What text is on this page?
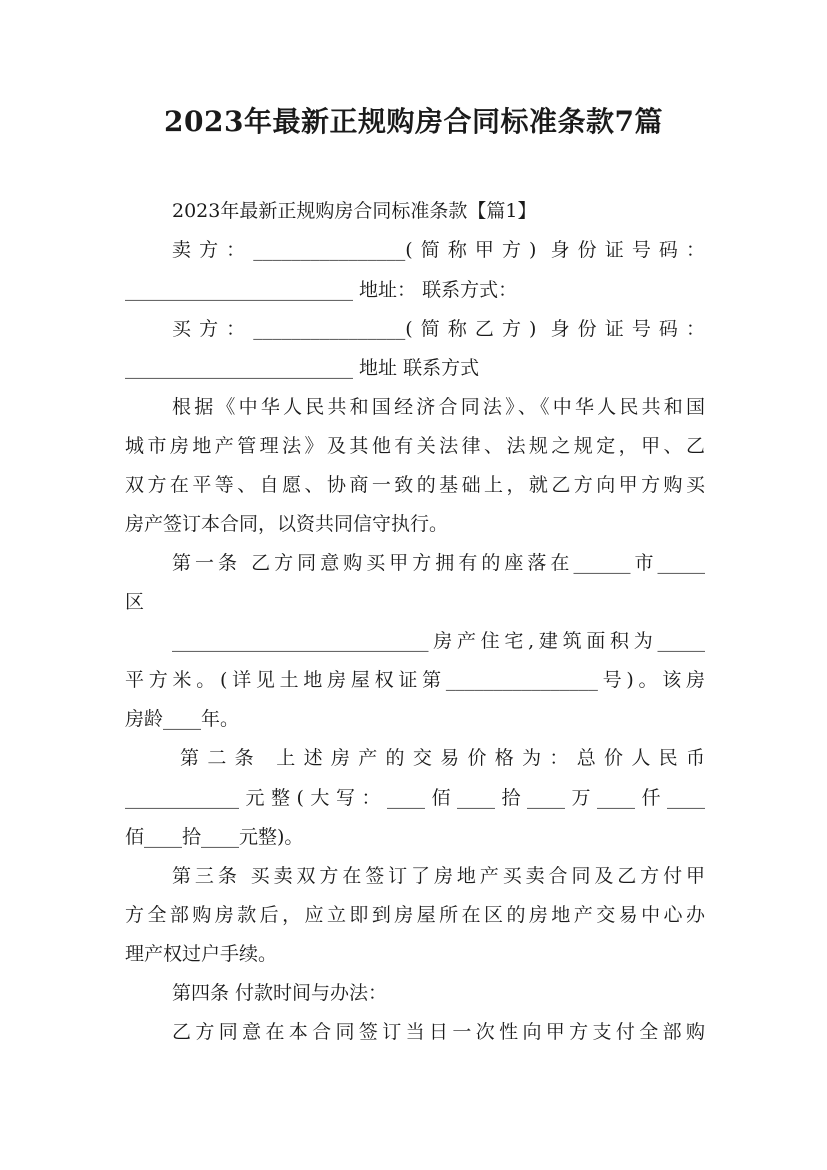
2023年最新正规购房合同标准条款7篇
2023年最新正规购房合同标准条款【篇1】
卖方：________________(简称甲方) 身份证号码：
________________________ 地址： 联系方式：
买方：________________(简称乙方) 身份证号码：
________________________ 地址 联系方式
根据《中华人民共和国经济合同法》、《中华人民共和国
城市房地产管理法》及其他有关法律、法规之规定，甲、乙
双方在平等、自愿、协商一致的基础上，就乙方向甲方购买
房产签订本合同，以资共同信守执行。
第一条 乙方同意购买甲方拥有的座落在______市_____
区
___________________________房产住宅,建筑面积为_____
平方米。(详见土地房屋权证第________________号)。该房
房龄____年。
第二条 上述房产的交易价格为：总价人民币
____________元整(大写：____佰____拾____万____仟____
佰____拾____元整)。
第三条 买卖双方在签订了房地产买卖合同及乙方付甲
方全部购房款后，应立即到房屋所在区的房地产交易中心办
理产权过户手续。
第四条 付款时间与办法：
乙方同意在本合同签订当日一次性向甲方支付全部购
